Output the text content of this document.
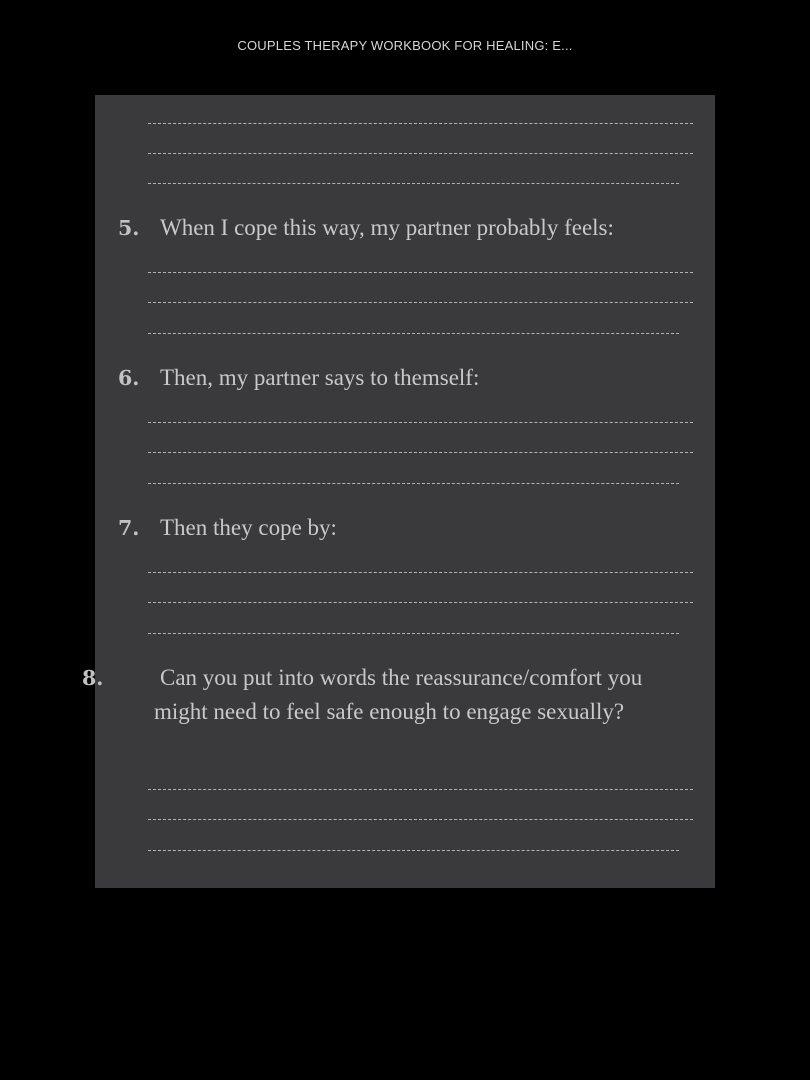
COUPLES THERAPY WORKBOOK FOR HEALING: E...

5. When I cope this way, my partner probably feels:

6. Then, my partner says to themself:

7. Then they cope by:

8. Can you put into words the reassurance/comfort you might need to feel safe enough to engage sexually?
